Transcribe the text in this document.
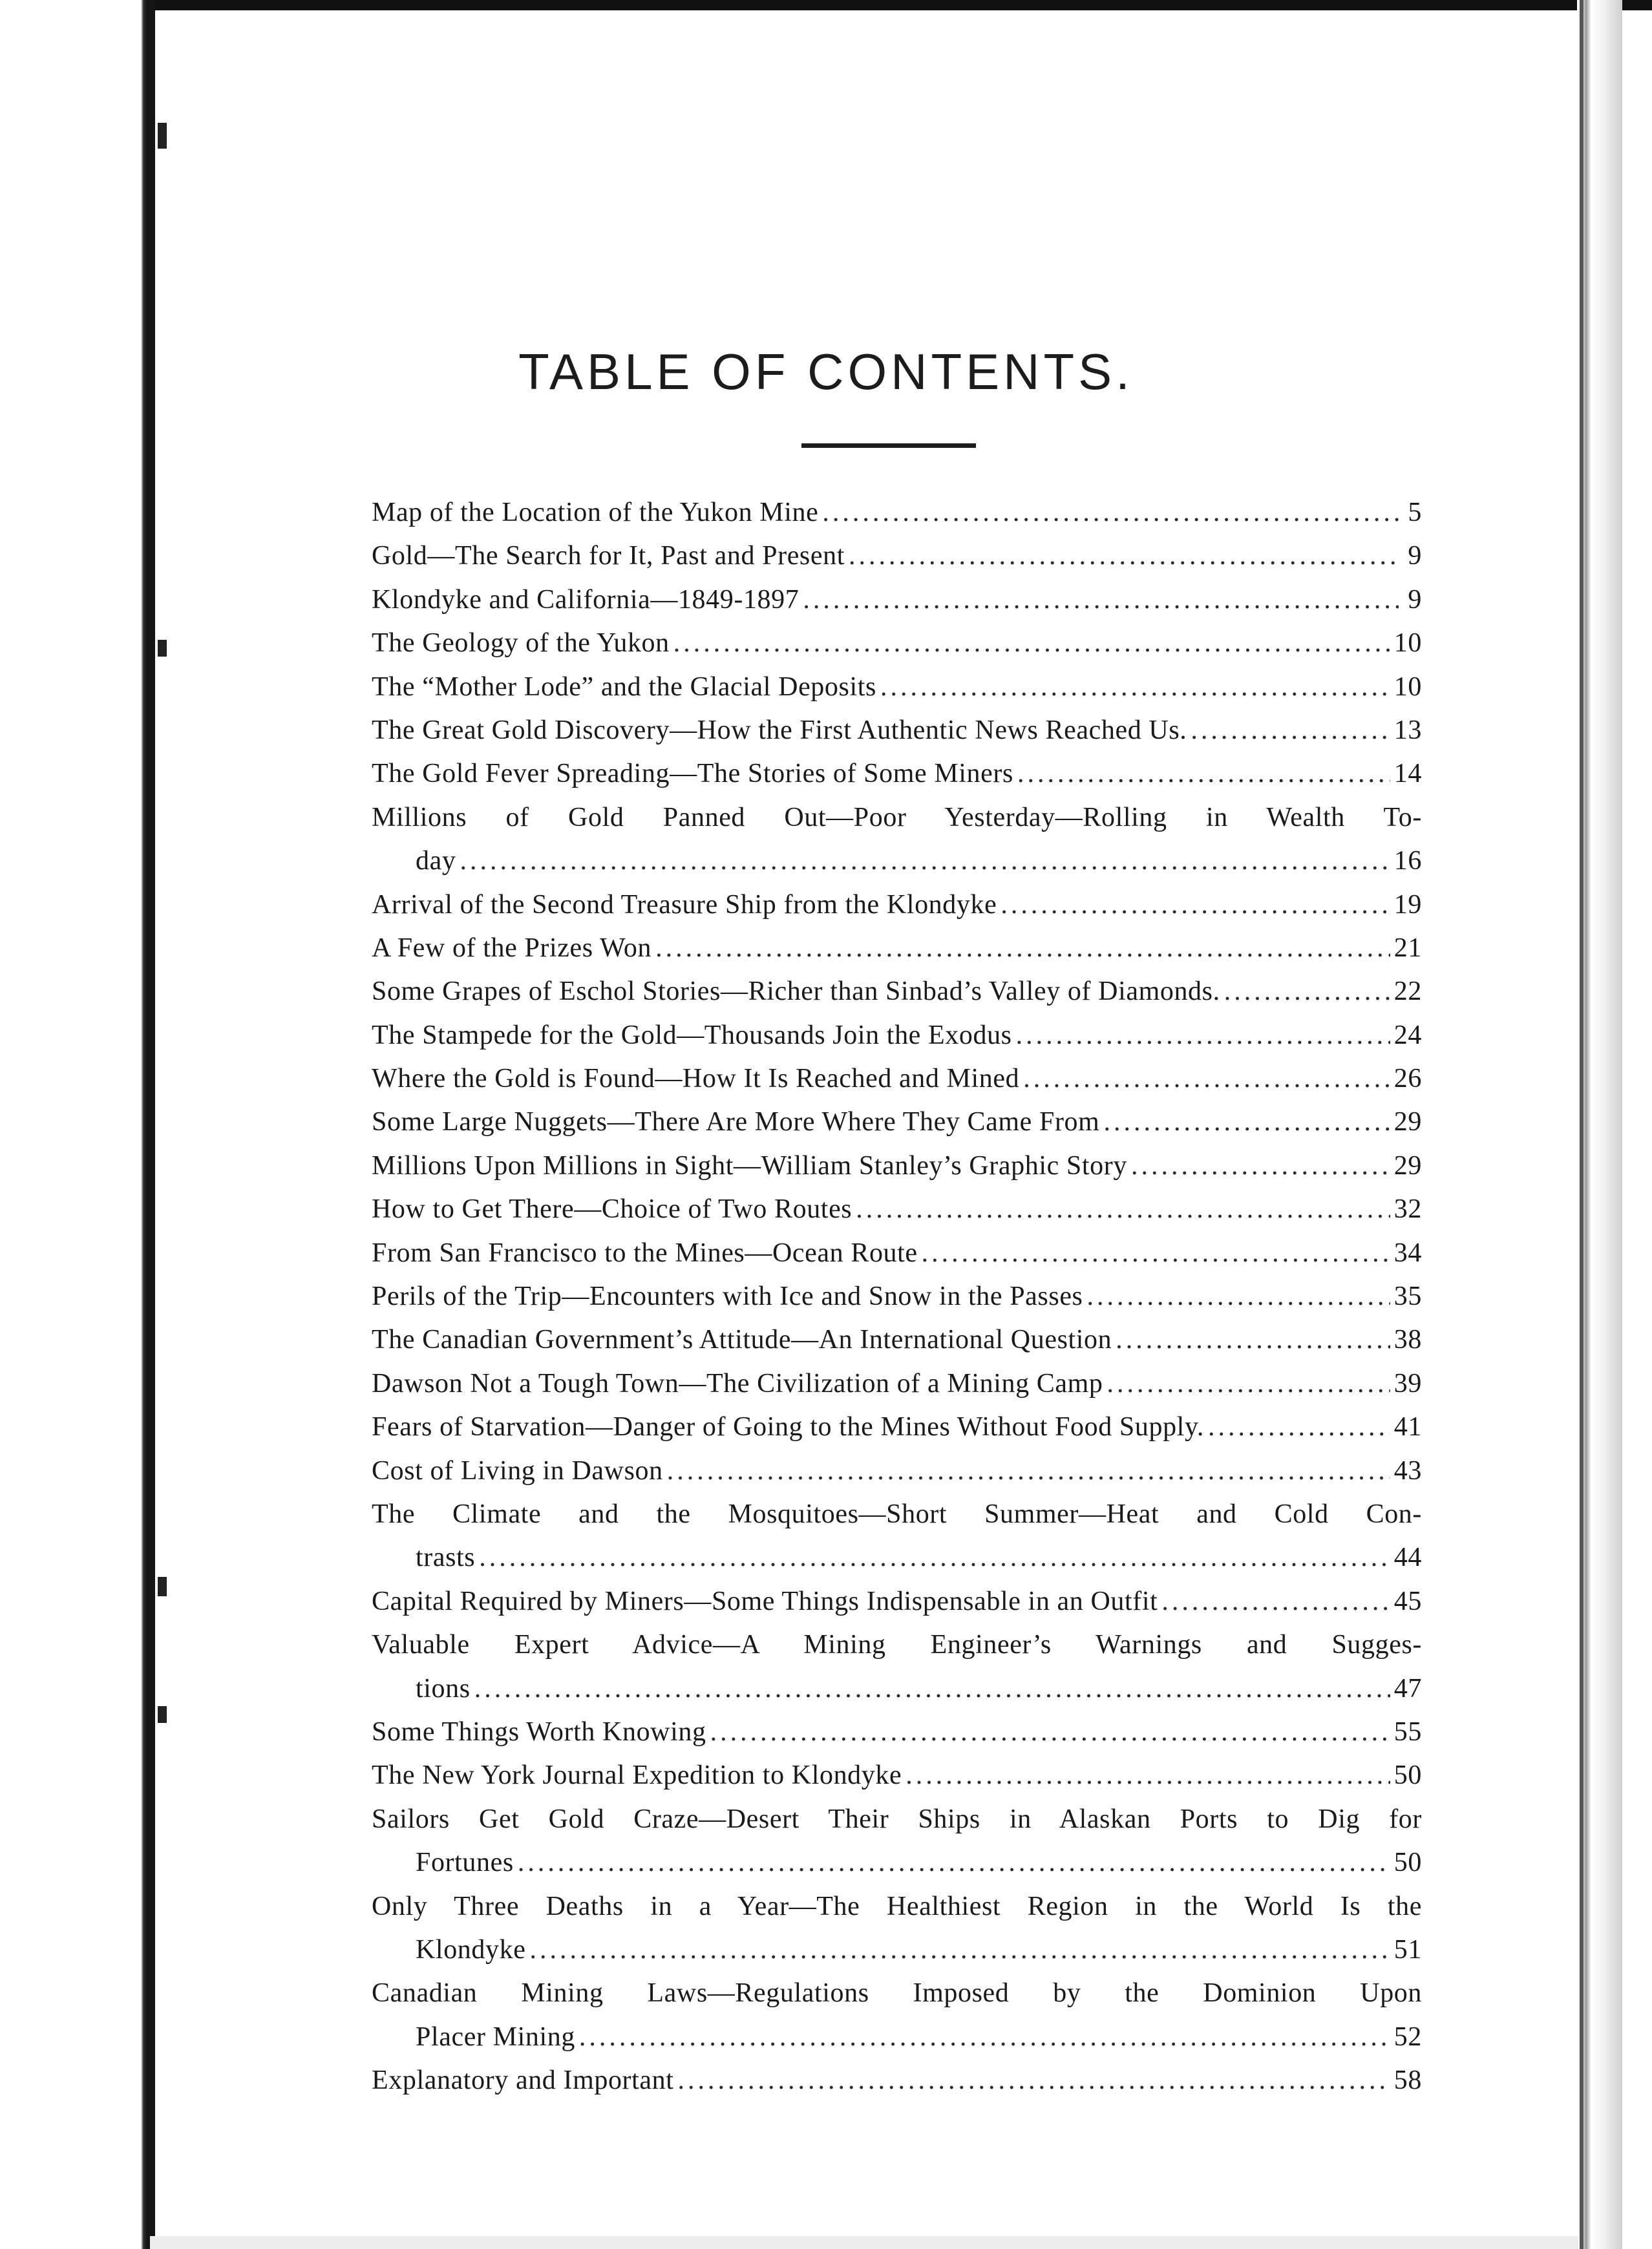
TABLE OF CONTENTS.
Map of the Location of the Yukon Mine .....	5
Gold—The Search for It, Past and Present .....	9
Klondyke and California—1849-1897 .....	9
The Geology of the Yukon .....	10
The “Mother Lode” and the Glacial Deposits .....	10
The Great Gold Discovery—How the First Authentic News Reached Us. .....	13
The Gold Fever Spreading—The Stories of Some Miners .....	14
Millions of Gold Panned Out—Poor Yesterday—Rolling in Wealth To-
day .....	16
Arrival of the Second Treasure Ship from the Klondyke .....	19
A Few of the Prizes Won .....	21
Some Grapes of Eschol Stories—Richer than Sinbad’s Valley of Diamonds. .....	22
The Stampede for the Gold—Thousands Join the Exodus .....	24
Where the Gold is Found—How It Is Reached and Mined .....	26
Some Large Nuggets—There Are More Where They Came From .....	29
Millions Upon Millions in Sight—William Stanley’s Graphic Story .....	29
How to Get There—Choice of Two Routes .....	32
From San Francisco to the Mines—Ocean Route .....	34
Perils of the Trip—Encounters with Ice and Snow in the Passes .....	35
The Canadian Government’s Attitude—An International Question .....	38
Dawson Not a Tough Town—The Civilization of a Mining Camp .....	39
Fears of Starvation—Danger of Going to the Mines Without Food Supply. .....	41
Cost of Living in Dawson .....	43
The Climate and the Mosquitoes—Short Summer—Heat and Cold Con-
trasts .....	44
Capital Required by Miners—Some Things Indispensable in an Outfit .....	45
Valuable Expert Advice—A Mining Engineer’s Warnings and Sugges-
tions .....	47
Some Things Worth Knowing .....	55
The New York Journal Expedition to Klondyke .....	50
Sailors Get Gold Craze—Desert Their Ships in Alaskan Ports to Dig for
Fortunes .....	50
Only Three Deaths in a Year—The Healthiest Region in the World Is the
Klondyke .....	51
Canadian Mining Laws—Regulations Imposed by the Dominion Upon
Placer Mining .....	52
Explanatory and Important .....	58
